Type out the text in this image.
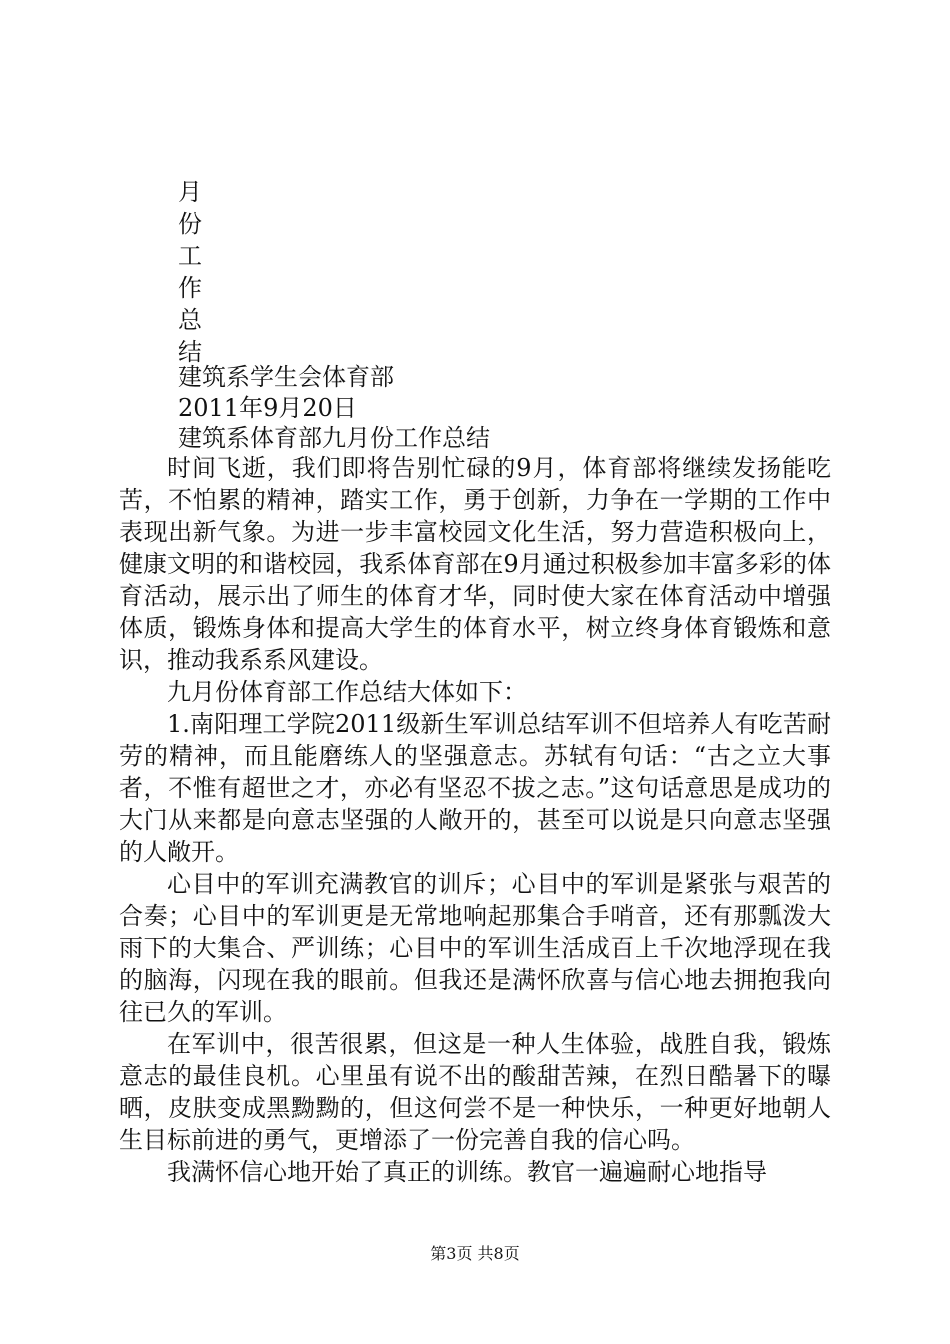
月
份
工
作
总
结
建筑系学生会体育部
2011年9月20日
建筑系体育部九月份工作总结

时间飞逝，我们即将告别忙碌的9月，体育部将继续发扬能吃苦，不怕累的精神，踏实工作，勇于创新，力争在一学期的工作中表现出新气象。为进一步丰富校园文化生活，努力营造积极向上，健康文明的和谐校园，我系体育部在9月通过积极参加丰富多彩的体育活动，展示出了师生的体育才华，同时使大家在体育活动中增强体质，锻炼身体和提高大学生的体育水平，树立终身体育锻炼和意识，推动我系系风建设。

九月份体育部工作总结大体如下：

1.南阳理工学院2011级新生军训总结军训不但培养人有吃苦耐劳的精神，而且能磨练人的坚强意志。苏轼有句话：“古之立大事者，不惟有超世之才，亦必有坚忍不拔之志。”这句话意思是成功的大门从来都是向意志坚强的人敞开的，甚至可以说是只向意志坚强的人敞开。

心目中的军训充满教官的训斥；心目中的军训是紧张与艰苦的合奏；心目中的军训更是无常地响起那集合手哨音，还有那瓢泼大雨下的大集合、严训练；心目中的军训生活成百上千次地浮现在我的脑海，闪现在我的眼前。但我还是满怀欣喜与信心地去拥抱我向往已久的军训。

在军训中，很苦很累，但这是一种人生体验，战胜自我，锻炼意志的最佳良机。心里虽有说不出的酸甜苦辣，在烈日酷暑下的曝晒，皮肤变成黑黝黝的，但这何尝不是一种快乐，一种更好地朝人生目标前进的勇气，更增添了一份完善自我的信心吗。

我满怀信心地开始了真正的训练。教官一遍遍耐心地指导

第3页 共8页
